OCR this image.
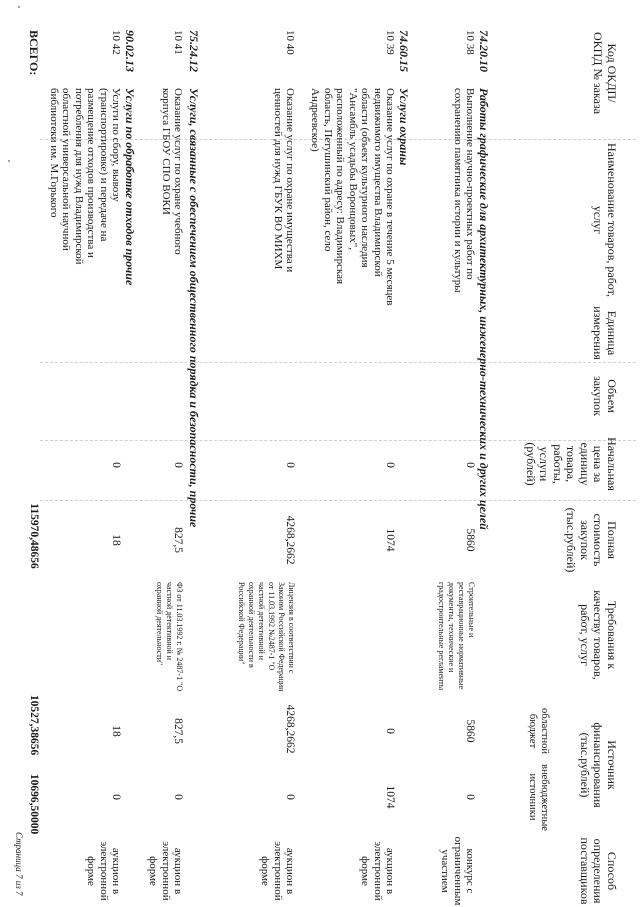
Код ОКДП/ ОКПД № заказа
Наименование товаров, работ, услуг
Единица измерения
Объем закупок
Начальная цена за единицу товара, работы, услуги (рублей)
Полная стоимость закупок (тыс.рублей)
Требования к качеству товаров, работ, услуг
Источник финансирования (тыс.рублей)
областной бюджет
внебюджетные источники
Способ определения поставщиков
74.20.10
Работы графические для архитектурных, инженерно-технических и других целей
10 38
Выполнение научно-проектных работ по сохранению памятника истории и культуры
0
5860
Строительные и реставрационные нормативные документы, технические и градостроительные регламенты
5860
0
конкурс с ограниченным участием
74.60.15
Услуги охраны
10 39
Оказание услуг по охране в течение 5 месяцев недвижимого имущества Владимирской области (объект культурного наследия "Ансамбль усадьбы Воронцовых", расположенный по адресу: Владимирская область, Петушинский район, село Андреевское)
0
1074
0
1074
аукцион в электронной форме
10 40
Оказание услуг по охране имущества и ценностей для нужд ГБУК ВО МИХМ
0
4268,2662
Лицензия в соответствии с Законом Российской Федерации от 11.03.1992 №2487-1 "О частной детективной и охранной деятельности в Российской Федерации"
4268,2662
0
аукцион в электронной форме
75.24.12
Услуги, связанные с обеспечением общественного порядка и безопасности, прочие
10 41
Оказание услуг по охране учебного корпуса ГБОУ СПО ВОКИ
0
827,5
ФЗ от 11.03.1992 г. № 2487-1 "О частной детективной и охранной деятельности"
827,5
0
аукцион в электронной форме
90.02.13
Услуги по обработке отходов прочие
10 42
Услуги по сбору, вывозу (транспортировке) и передаче на размещение отходов производства и потребления для нужд Владимирской областной универсальной научной библиотеки им. М.Горького
0
18
18
0
аукцион в электронной форме
ВСЕГО:
115970,48656
10527,38656
10696,50000
Страница 7 из 7
